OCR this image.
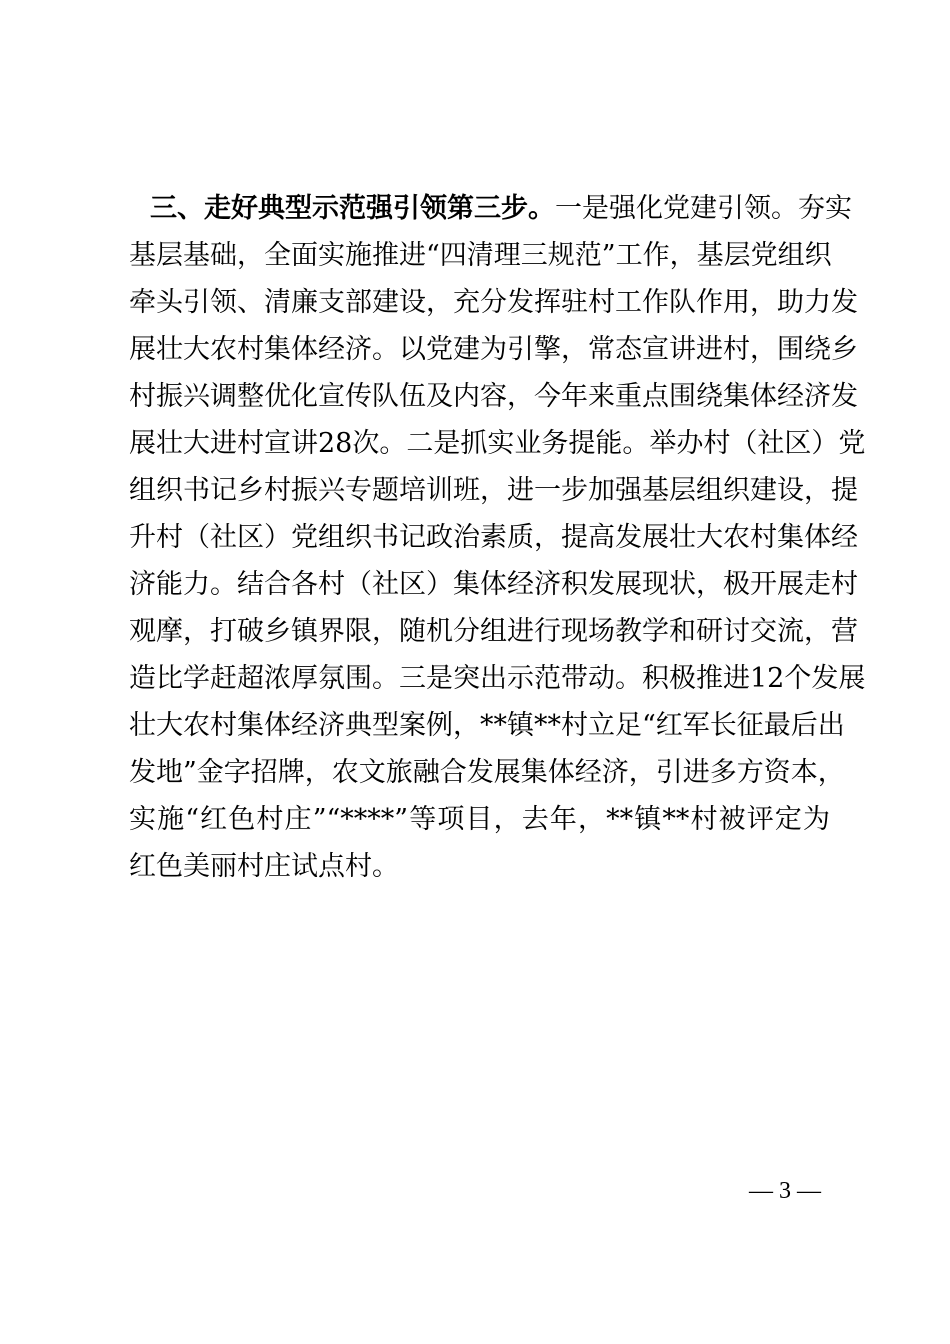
三、走好典型示范强引领第三步。一是强化党建引领。夯实
基层基础，全面实施推进“四清理三规范”工作，基层党组织
牵头引领、清廉支部建设，充分发挥驻村工作队作用，助力发
展壮大农村集体经济。以党建为引擎，常态宣讲进村，围绕乡
村振兴调整优化宣传队伍及内容，今年来重点围绕集体经济发
展壮大进村宣讲28次。二是抓实业务提能。举办村（社区）党
组织书记乡村振兴专题培训班，进一步加强基层组织建设，提
升村（社区）党组织书记政治素质，提高发展壮大农村集体经
济能力。结合各村（社区）集体经济积发展现状，极开展走村
观摩，打破乡镇界限，随机分组进行现场教学和研讨交流，营
造比学赶超浓厚氛围。三是突出示范带动。积极推进12个发展
壮大农村集体经济典型案例，**镇**村立足“红军长征最后出
发地”金字招牌，农文旅融合发展集体经济，引进多方资本，
实施“红色村庄”“****”等项目，去年，**镇**村被评定为
红色美丽村庄试点村。
— 3 —
